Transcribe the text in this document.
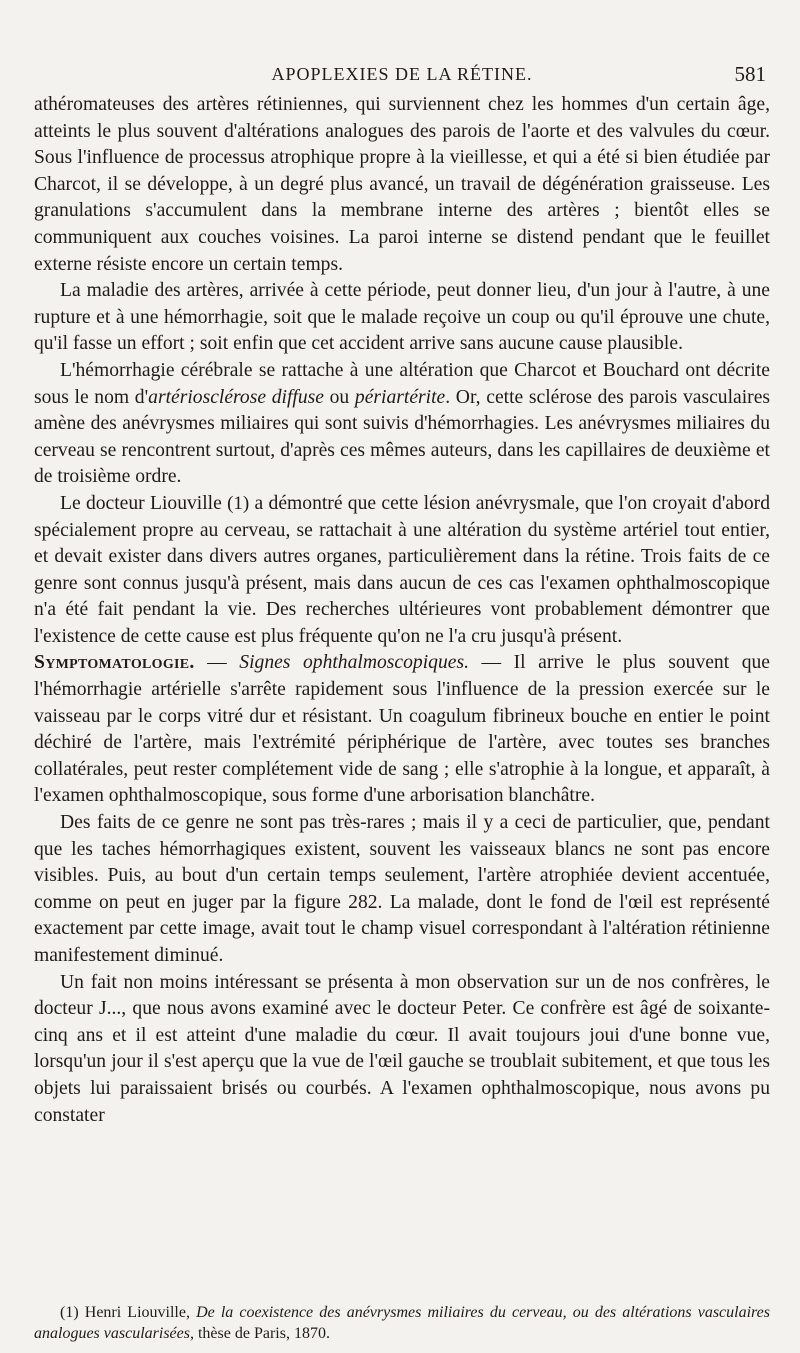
APOPLEXIES DE LA RÉTINE.	581

athéromateuses des artères rétiniennes, qui surviennent chez les hommes d'un certain âge, atteints le plus souvent d'altérations analogues des parois de l'aorte et des valvules du cœur. Sous l'influence de processus atrophique propre à la vieillesse, et qui a été si bien étudiée par Charcot, il se développe, à un degré plus avancé, un travail de dégénération graisseuse. Les granulations s'accumulent dans la membrane interne des artères ; bientôt elles se communiquent aux couches voisines. La paroi interne se distend pendant que le feuillet externe résiste encore un certain temps.

La maladie des artères, arrivée à cette période, peut donner lieu, d'un jour à l'autre, à une rupture et à une hémorrhagie, soit que le malade reçoive un coup ou qu'il éprouve une chute, qu'il fasse un effort ; soit enfin que cet accident arrive sans aucune cause plausible.

L'hémorrhagie cérébrale se rattache à une altération que Charcot et Bouchard ont décrite sous le nom d'artériosclérose diffuse ou périartérite. Or, cette sclérose des parois vasculaires amène des anévrysmes miliaires qui sont suivis d'hémorrhagies. Les anévrysmes miliaires du cerveau se rencontrent surtout, d'après ces mêmes auteurs, dans les capillaires de deuxième et de troisième ordre.

Le docteur Liouville (1) a démontré que cette lésion anévrysmale, que l'on croyait d'abord spécialement propre au cerveau, se rattachait à une altération du système artériel tout entier, et devait exister dans divers autres organes, particulièrement dans la rétine. Trois faits de ce genre sont connus jusqu'à présent, mais dans aucun de ces cas l'examen ophthalmoscopique n'a été fait pendant la vie. Des recherches ultérieures vont probablement démontrer que l'existence de cette cause est plus fréquente qu'on ne l'a cru jusqu'à présent.

Symptomatologie. — Signes ophthalmoscopiques. — Il arrive le plus souvent que l'hémorrhagie artérielle s'arrête rapidement sous l'influence de la pression exercée sur le vaisseau par le corps vitré dur et résistant. Un coagulum fibrineux bouche en entier le point déchiré de l'artère, mais l'extrémité périphérique de l'artère, avec toutes ses branches collatérales, peut rester complétement vide de sang ; elle s'atrophie à la longue, et apparaît, à l'examen ophthalmoscopique, sous forme d'une arborisation blanchâtre.

Des faits de ce genre ne sont pas très-rares ; mais il y a ceci de particulier, que, pendant que les taches hémorrhagiques existent, souvent les vaisseaux blancs ne sont pas encore visibles. Puis, au bout d'un certain temps seulement, l'artère atrophiée devient accentuée, comme on peut en juger par la figure 282. La malade, dont le fond de l'œil est représenté exactement par cette image, avait tout le champ visuel correspondant à l'altération rétinienne manifestement diminué.

Un fait non moins intéressant se présenta à mon observation sur un de nos confrères, le docteur J..., que nous avons examiné avec le docteur Peter. Ce confrère est âgé de soixante-cinq ans et il est atteint d'une maladie du cœur. Il avait toujours joui d'une bonne vue, lorsqu'un jour il s'est aperçu que la vue de l'œil gauche se troublait subitement, et que tous les objets lui paraissaient brisés ou courbés. A l'examen ophthalmoscopique, nous avons pu constater

(1) Henri Liouville, De la coexistence des anévrysmes miliaires du cerveau, ou des altérations vasculaires analogues vascularisées, thèse de Paris, 1870.
